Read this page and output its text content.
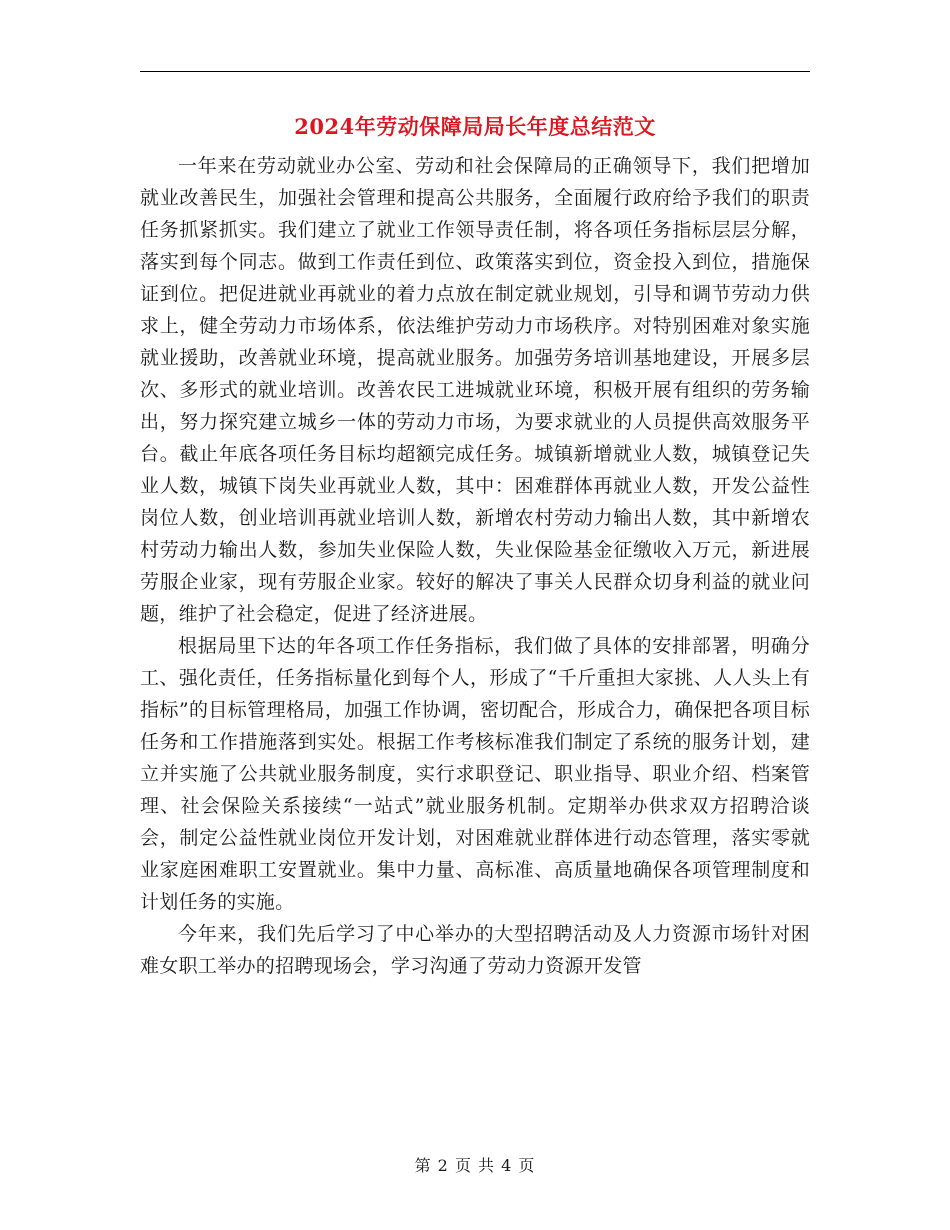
2024年劳动保障局局长年度总结范文

一年来在劳动就业办公室、劳动和社会保障局的正确领导下，我们把增加就业改善民生，加强社会管理和提高公共服务，全面履行政府给予我们的职责任务抓紧抓实。我们建立了就业工作领导责任制，将各项任务指标层层分解，落实到每个同志。做到工作责任到位、政策落实到位，资金投入到位，措施保证到位。把促进就业再就业的着力点放在制定就业规划，引导和调节劳动力供求上，健全劳动力市场体系，依法维护劳动力市场秩序。对特别困难对象实施就业援助，改善就业环境，提高就业服务。加强劳务培训基地建设，开展多层次、多形式的就业培训。改善农民工进城就业环境，积极开展有组织的劳务输出，努力探究建立城乡一体的劳动力市场，为要求就业的人员提供高效服务平台。截止年底各项任务目标均超额完成任务。城镇新增就业人数，城镇登记失业人数，城镇下岗失业再就业人数，其中：困难群体再就业人数，开发公益性岗位人数，创业培训再就业培训人数，新增农村劳动力输出人数，其中新增农村劳动力输出人数，参加失业保险人数，失业保险基金征缴收入万元，新进展劳服企业家，现有劳服企业家。较好的解决了事关人民群众切身利益的就业问题，维护了社会稳定，促进了经济进展。

根据局里下达的年各项工作任务指标，我们做了具体的安排部署，明确分工、强化责任，任务指标量化到每个人，形成了“千斤重担大家挑、人人头上有指标”的目标管理格局，加强工作协调，密切配合，形成合力，确保把各项目标任务和工作措施落到实处。根据工作考核标准我们制定了系统的服务计划，建立并实施了公共就业服务制度，实行求职登记、职业指导、职业介绍、档案管理、社会保险关系接续“一站式”就业服务机制。定期举办供求双方招聘洽谈会，制定公益性就业岗位开发计划，对困难就业群体进行动态管理，落实零就业家庭困难职工安置就业。集中力量、高标准、高质量地确保各项管理制度和计划任务的实施。

今年来，我们先后学习了中心举办的大型招聘活动及人力资源市场针对困难女职工举办的招聘现场会，学习沟通了劳动力资源开发管

第 2 页 共 4 页
